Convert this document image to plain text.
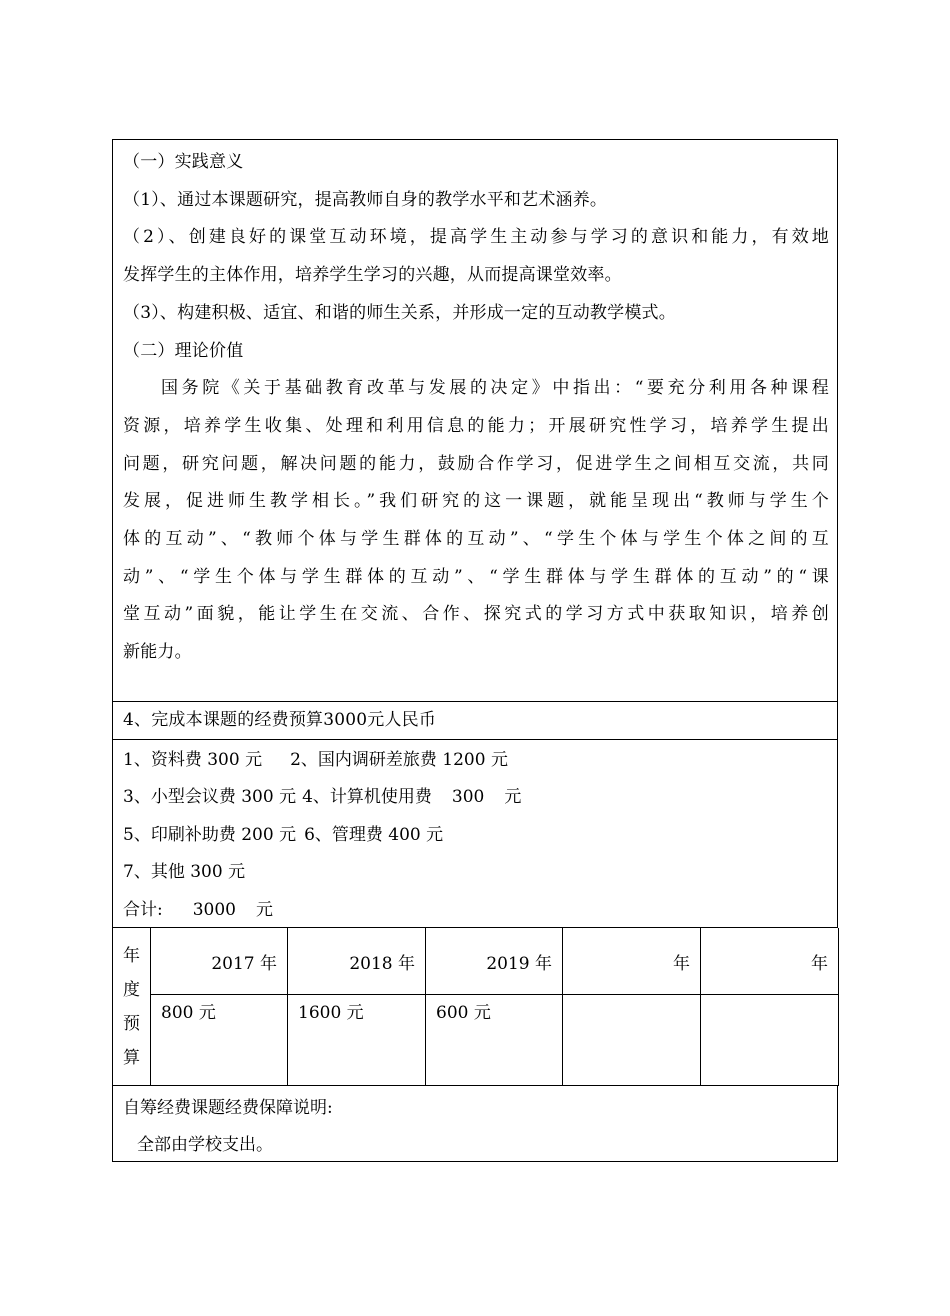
（一）实践意义
（1）、通过本课题研究，提高教师自身的教学水平和艺术涵养。
（2）、创建良好的课堂互动环境，提高学生主动参与学习的意识和能力，有效地
发挥学生的主体作用，培养学生学习的兴趣，从而提高课堂效率。
（3）、构建积极、适宜、和谐的师生关系，并形成一定的互动教学模式。
（二）理论价值
国务院《关于基础教育改革与发展的决定》中指出：“要充分利用各种课程
资源，培养学生收集、处理和利用信息的能力；开展研究性学习，培养学生提出
问题，研究问题，解决问题的能力，鼓励合作学习，促进学生之间相互交流，共同
发展，促进师生教学相长。”我们研究的这一课题，就能呈现出“教师与学生个
体的互动”、“教师个体与学生群体的互动”、“学生个体与学生个体之间的互
动”、“学生个体与学生群体的互动”、“学生群体与学生群体的互动”的“课
堂互动”面貌，能让学生在交流、合作、探究式的学习方式中获取知识，培养创
新能力。
4、完成本课题的经费预算3000元人民币
1、资料费 300 元 2、国内调研差旅费 1200 元
3、小型会议费 300 元 4、计算机使用费 300 元
5、印刷补助费 200 元 6、管理费 400 元
7、其他 300 元
合计: 3000 元
年
度
预
算	2017 年	2018 年	2019 年	年	年
	800 元	1600 元	600 元		
自筹经费课题经费保障说明:
全部由学校支出。
